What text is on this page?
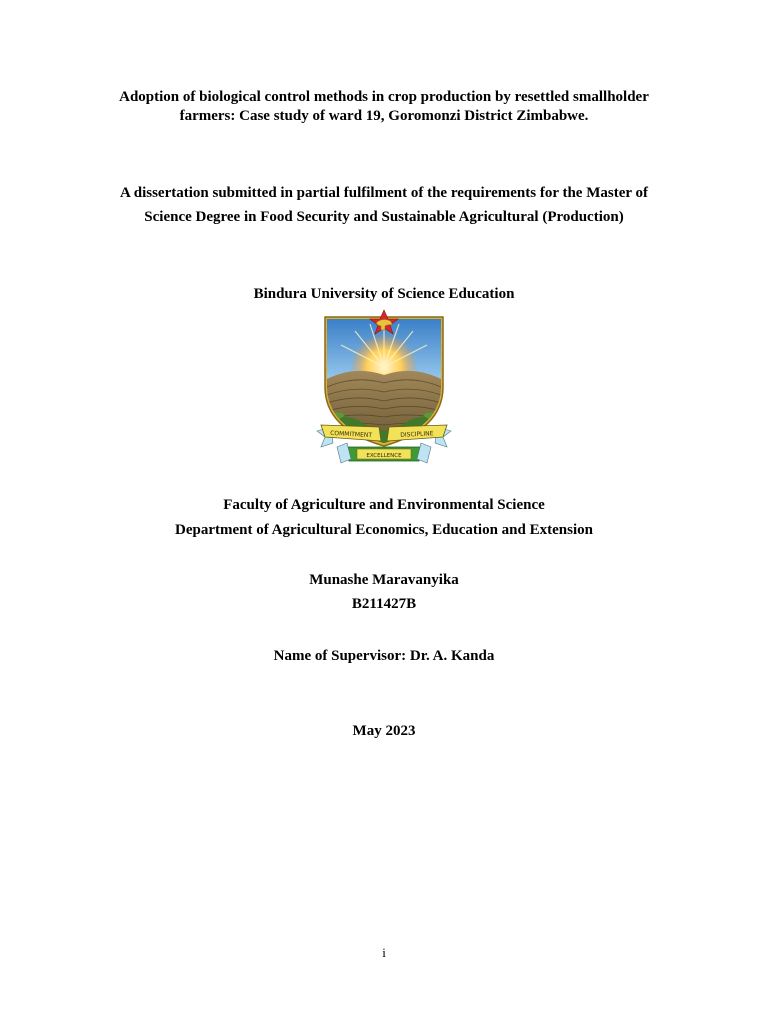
Adoption of biological control methods in crop production by resettled smallholder
farmers: Case study of ward 19, Goromonzi District Zimbabwe.
A dissertation submitted in partial fulfilment of the requirements for the Master of
Science Degree in Food Security and Sustainable Agricultural (Production)
Bindura University of Science Education
COMMITMENT	DISCIPLINE
EXCELLENCE
Faculty of Agriculture and Environmental Science
Department of Agricultural Economics, Education and Extension
Munashe Maravanyika
B211427B
Name of Supervisor: Dr. A. Kanda
May 2023
i
